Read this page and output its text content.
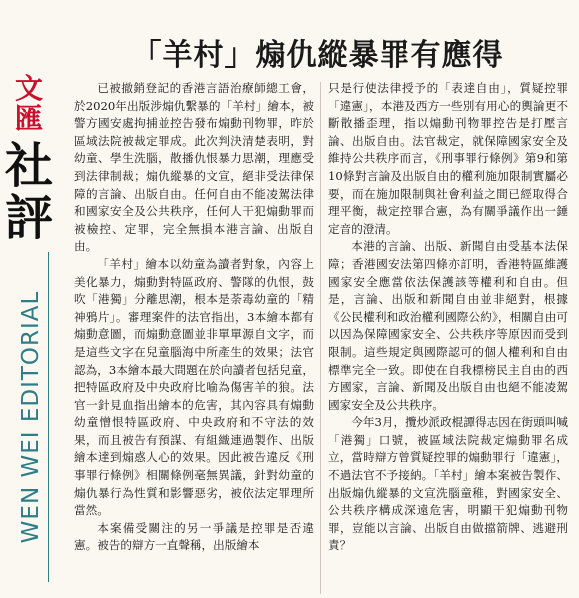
文匯
社評
WEN WEI EDITORIAL
「羊村」煽仇縱暴罪有應得

已被撤銷登記的香港言語治療師總工會，於2020年出版涉煽仇繫暴的「羊村」繪本，被警方國安處拘捕並控告發布煽動刊物罪，昨於區域法院被裁定罪成。此次判決清楚表明，對幼童、學生洗腦，散播仇恨暴力思潮，理應受到法律制裁；煽仇縱暴的文宣，絕非受法律保障的言論、出版自由。任何自由不能凌駕法律和國家安全及公共秩序，任何人干犯煽動罪而被檢控、定罪，完全無損本港言論、出版自由。

「羊村」繪本以幼童為讀者對象，內容上美化暴力，煽動對特區政府、警隊的仇恨，鼓吹「港獨」分離思潮，根本是荼毒幼童的「精神鴉片」。審理案件的法官指出，3本繪本都有煽動意圖，而煽動意圖並非單單源自文字，而是這些文字在兒童腦海中所產生的效果；法官認為，3本繪本最大問題在於向讀者包括兒童，把特區政府及中央政府比喻為傷害羊的狼。法官一針見血指出繪本的危害，其內容具有煽動幼童憎恨特區政府、中央政府和不守法的效果，而且被告有預謀、有組織連過製作、出版繪本達到煽惑人心的效果。因此被告違反《刑事罪行條例》相關條例毫無異議，針對幼童的煽仇暴行為性質和影響惡劣，被依法定罪理所當然。

本案備受關注的另一爭議是控罪是否違憲。被告的辯方一直聲稱，出版繪本

只是行使法律授予的「表達自由」，質疑控罪「違憲」，本港及西方一些別有用心的輿論更不斷散播歪理，指以煽動刊物罪控告是打壓言論、出版自由。法官裁定，就保障國家安全及維持公共秩序而言，《刑事罪行條例》第9和第10條對言論及出版自由的權利施加限制實屬必要，而在施加限制與社會利益之間已經取得合理平衡，裁定控罪合憲，為有關爭議作出一錘定音的澄清。

本港的言論、出版、新聞自由受基本法保障；香港國安法第四條亦訂明，香港特區維護國家安全應當依法保護該等權利和自由。但是，言論、出版和新聞自由並非絕對，根據《公民權利和政治權利國際公約》，相關自由可以因為保障國家安全、公共秩序等原因而受到限制。這些規定與國際認可的個人權利和自由標準完全一致。即使在自我標榜民主自由的西方國家，言論、新聞及出版自由也絕不能凌駕國家安全及公共秩序。

今年3月，攬炒派政棍譚得志因在街頭叫喊「港獨」口號，被區域法院裁定煽動罪名成立，當時辯方曾質疑控罪的煽動罪行「違憲」，不過法官不予接納。「羊村」繪本案被告製作、出版煽仇縱暴的文宣洗腦童稚，對國家安全、公共秩序構成深遠危害，明顯干犯煽動刊物罪，豈能以言論、出版自由做擋箭牌、逃避刑責？
